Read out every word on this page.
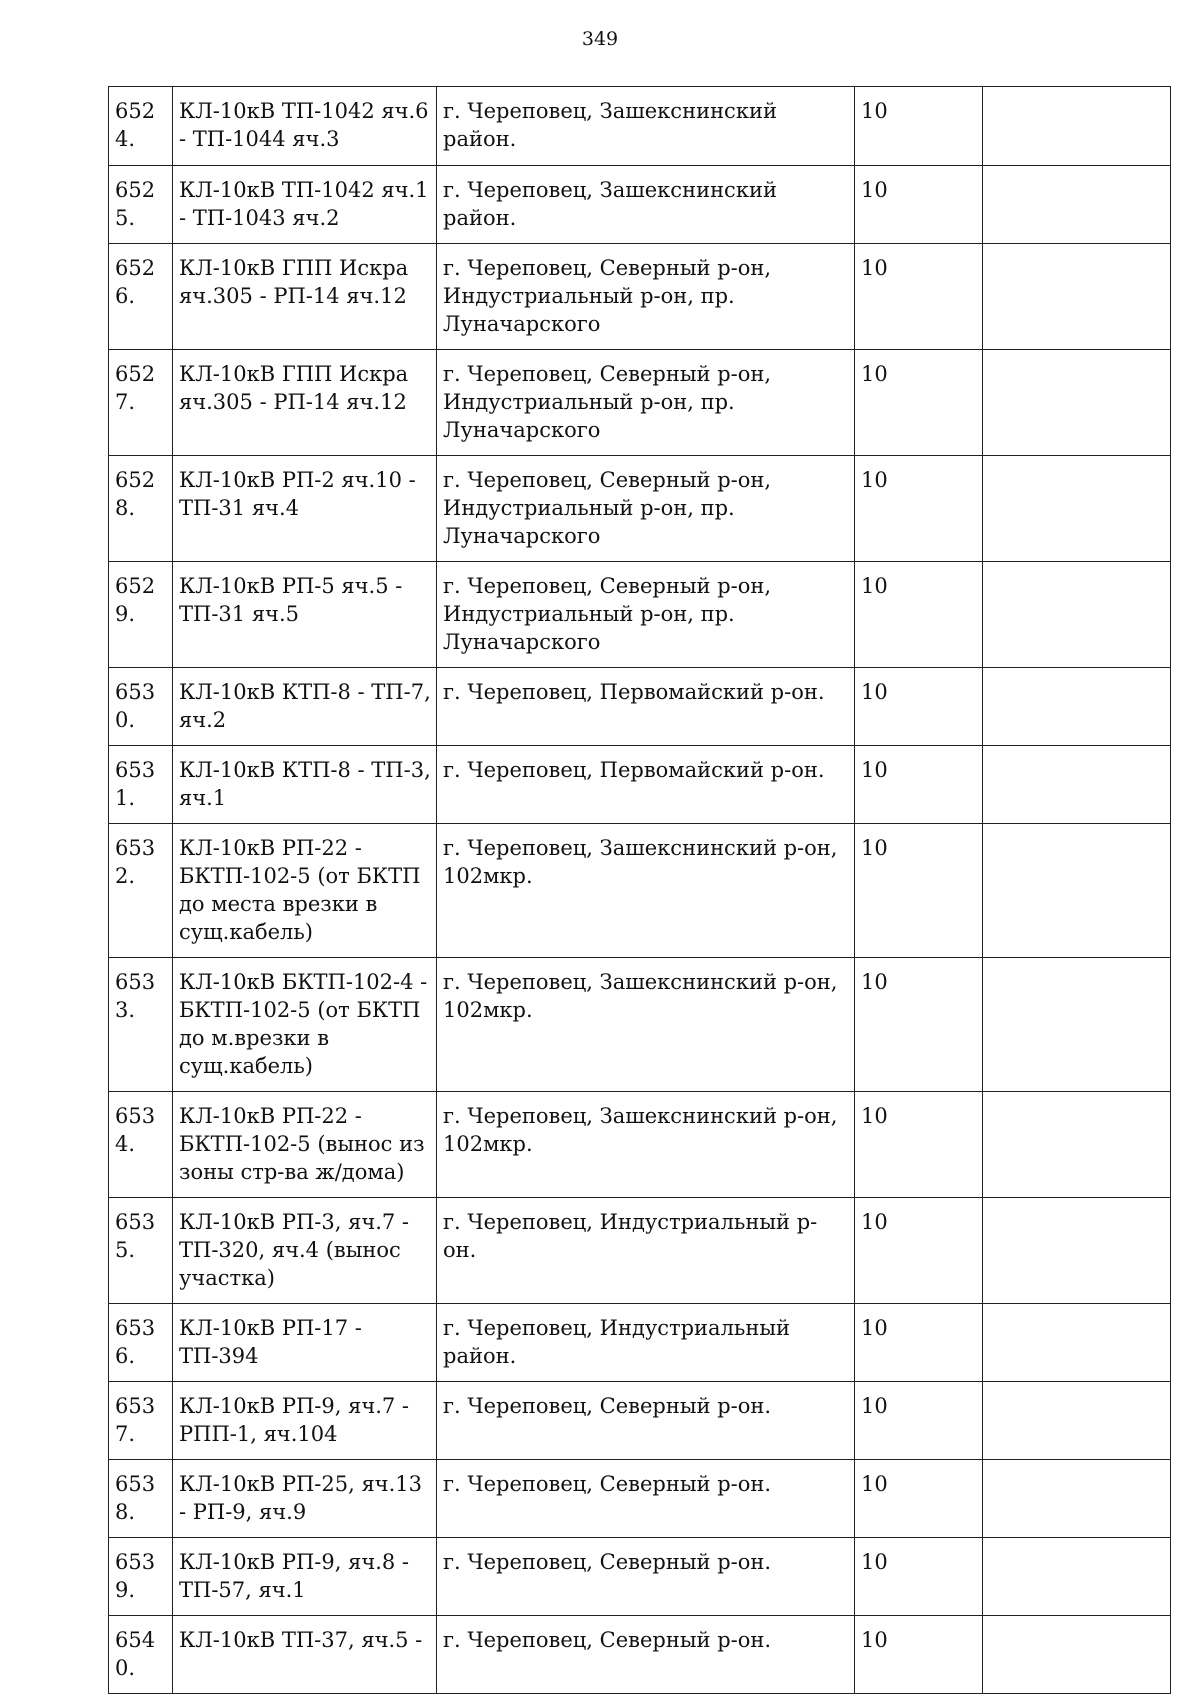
349
6524.	КЛ-10кВ ТП-1042 яч.6 - ТП-1044 яч.3	г. Череповец, Зашекснинский район.	10	
6525.	КЛ-10кВ ТП-1042 яч.1 - ТП-1043 яч.2	г. Череповец, Зашекснинский район.	10	
6526.	КЛ-10кВ ГПП Искра яч.305 - РП-14 яч.12	г. Череповец, Северный р-он, Индустриальный р-он, пр. Луначарского	10	
6527.	КЛ-10кВ ГПП Искра яч.305 - РП-14 яч.12	г. Череповец, Северный р-он, Индустриальный р-он, пр. Луначарского	10	
6528.	КЛ-10кВ РП-2 яч.10 - ТП-31 яч.4	г. Череповец, Северный р-он, Индустриальный р-он, пр. Луначарского	10	
6529.	КЛ-10кВ РП-5 яч.5 - ТП-31 яч.5	г. Череповец, Северный р-он, Индустриальный р-он, пр. Луначарского	10	
6530.	КЛ-10кВ КТП-8 - ТП-7, яч.2	г. Череповец, Первомайский р-он.	10	
6531.	КЛ-10кВ КТП-8 - ТП-3, яч.1	г. Череповец, Первомайский р-он.	10	
6532.	КЛ-10кВ РП-22 - БКТП-102-5 (от БКТП до места врезки в сущ.кабель)	г. Череповец, Зашекснинский р-он, 102мкр.	10	
6533.	КЛ-10кВ БКТП-102-4 - БКТП-102-5 (от БКТП до м.врезки в сущ.кабель)	г. Череповец, Зашекснинский р-он, 102мкр.	10	
6534.	КЛ-10кВ РП-22 - БКТП-102-5 (вынос из зоны стр-ва ж/дома)	г. Череповец, Зашекснинский р-он, 102мкр.	10	
6535.	КЛ-10кВ РП-3, яч.7 - ТП-320, яч.4 (вынос участка)	г. Череповец, Индустриальный р-он.	10	
6536.	КЛ-10кВ РП-17 - ТП-394	г. Череповец, Индустриальный район.	10	
6537.	КЛ-10кВ РП-9, яч.7 - РПП-1, яч.104	г. Череповец, Северный р-он.	10	
6538.	КЛ-10кВ РП-25, яч.13 - РП-9, яч.9	г. Череповец, Северный р-он.	10	
6539.	КЛ-10кВ РП-9, яч.8 - ТП-57, яч.1	г. Череповец, Северный р-он.	10	
6540.	КЛ-10кВ ТП-37, яч.5 -	г. Череповец, Северный р-он.	10	
